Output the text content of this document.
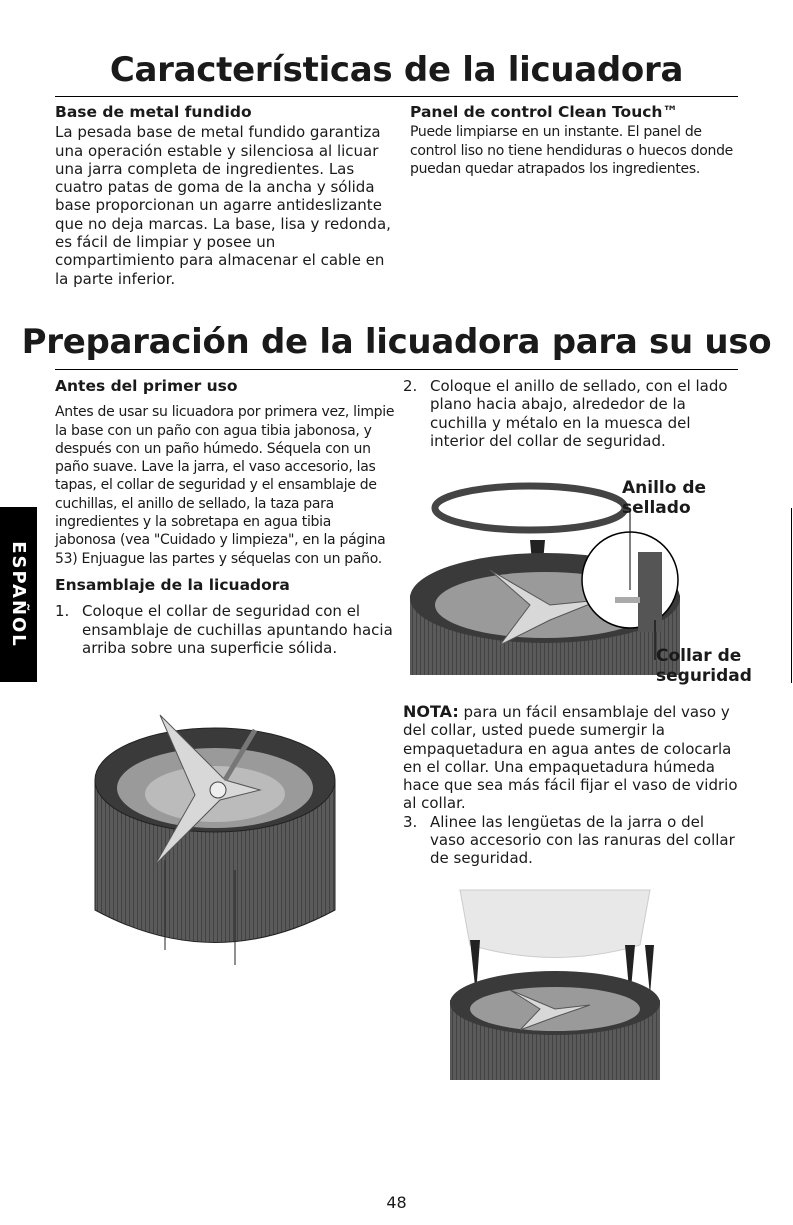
Características de la licuadora
Base de metal fundido

La pesada base de metal fundido garantiza una operación estable y silenciosa al licuar una jarra completa de ingredientes. Las cuatro patas de goma de la ancha y sólida base proporcionan un agarre antideslizante que no deja marcas. La base, lisa y redonda, es fácil de limpiar y posee un compartimiento para almacenar el cable en la parte inferior.

Panel de control Clean Touch™

Puede limpiarse en un instante. El panel de control liso no tiene hendiduras o huecos donde puedan quedar atrapados los ingredientes.

Preparación de la licuadora para su uso
ESPAÑOL
Antes del primer uso

Antes de usar su licuadora por primera vez, limpie la base con un paño con agua tibia jabonosa, y después con un paño húmedo. Séquela con un paño suave. Lave la jarra, el vaso accesorio, las tapas, el collar de seguridad y el ensamblaje de cuchillas, el anillo de sellado, la taza para ingredientes y la sobretapa en agua tibia jabonosa (vea "Cuidado y limpieza", en la página 53) Enjuague las partes y séquelas con un paño.

Ensamblaje de la licuadora
1. Coloque el collar de seguridad con el ensamblaje de cuchillas apuntando hacia arriba sobre una superficie sólida.
2. Coloque el anillo de sellado, con el lado plano hacia abajo, alrededor de la cuchilla y métalo en la muesca del interior del collar de seguridad.
Anillo de sellado
Collar de seguridad

NOTA: para un fácil ensamblaje del vaso y del collar, usted puede sumergir la empaquetadura en agua antes de colocarla en el collar. Una empaquetadura húmeda hace que sea más fácil fijar el vaso de vidrio al collar.

3. Alinee las lengüetas de la jarra o del vaso accesorio con las ranuras del collar de seguridad.
48
